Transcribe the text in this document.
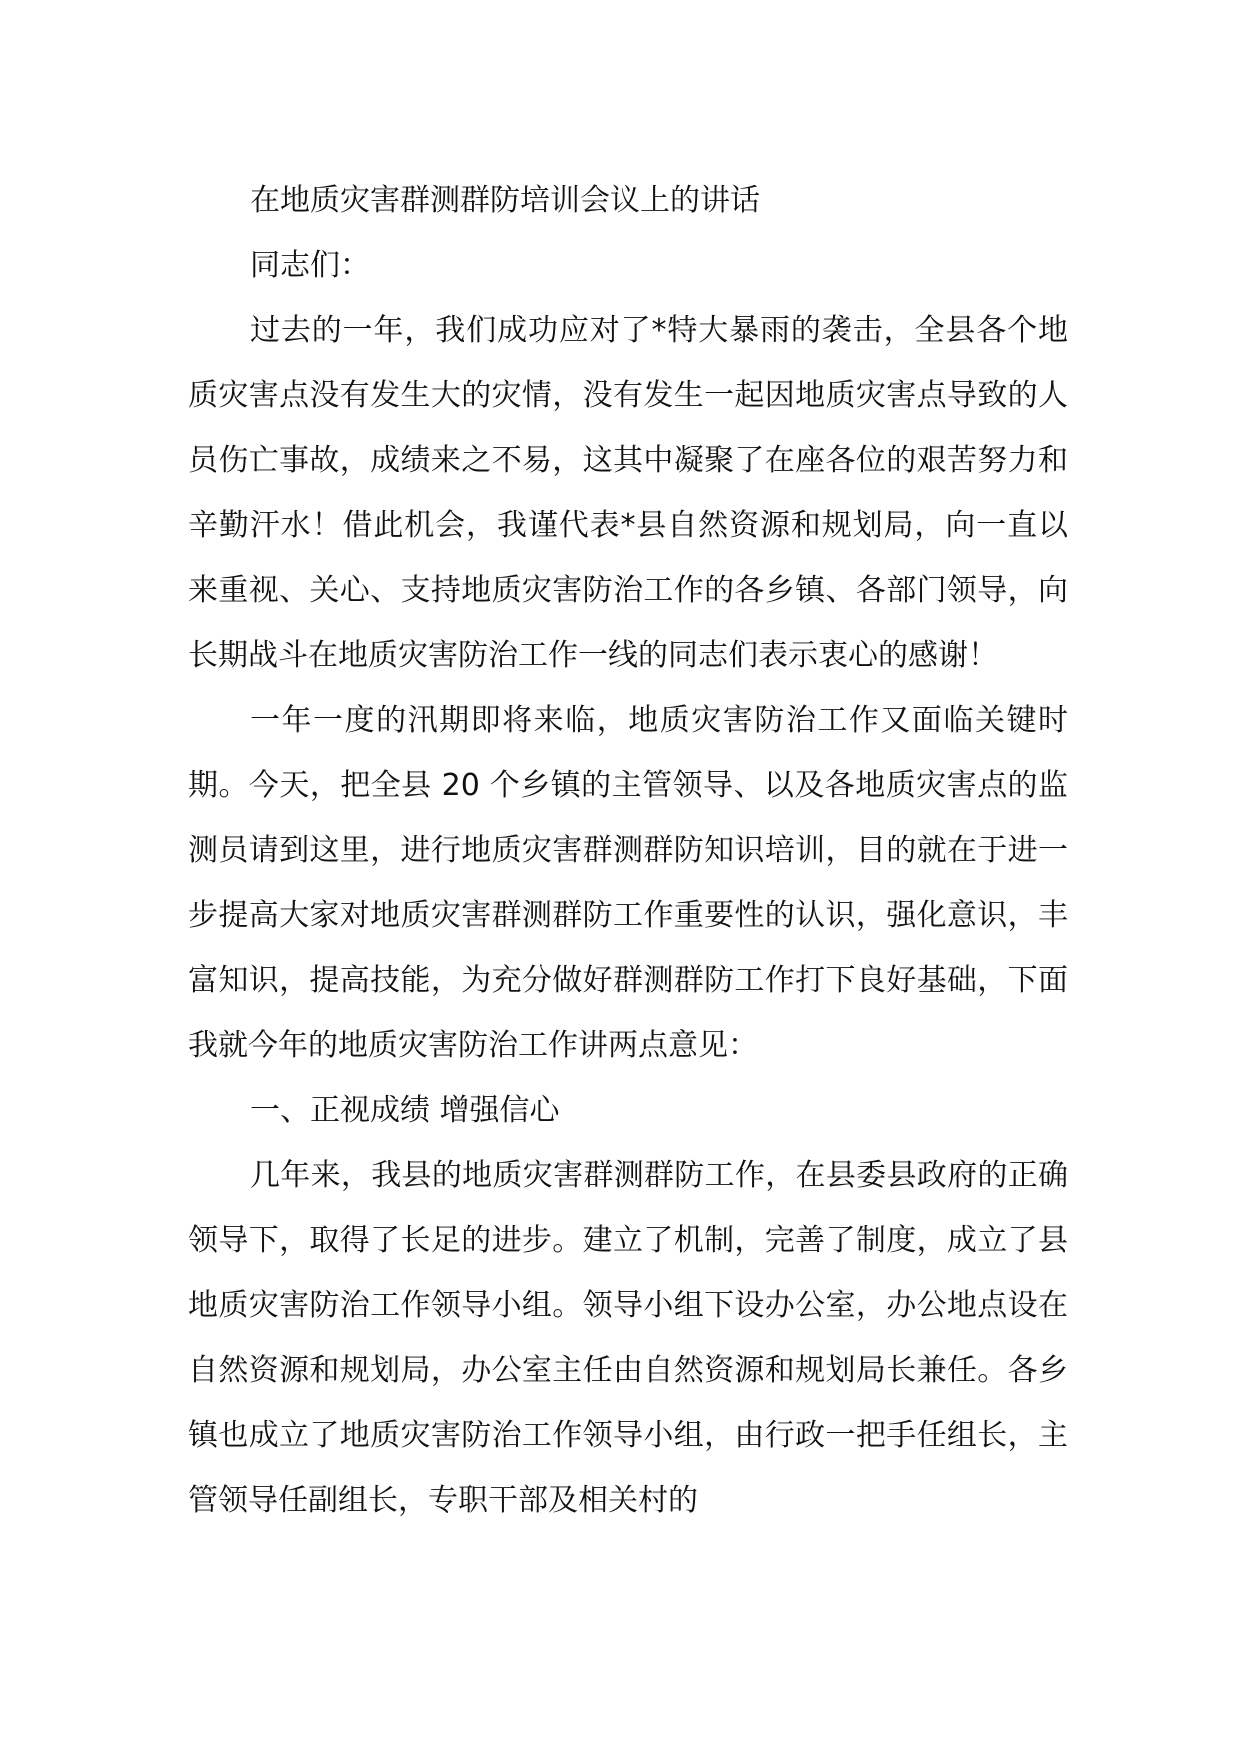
在地质灾害群测群防培训会议上的讲话

同志们：

过去的一年，我们成功应对了*特大暴雨的袭击，全县各个地质灾害点没有发生大的灾情，没有发生一起因地质灾害点导致的人员伤亡事故，成绩来之不易，这其中凝聚了在座各位的艰苦努力和辛勤汗水！借此机会，我谨代表*县自然资源和规划局，向一直以来重视、关心、支持地质灾害防治工作的各乡镇、各部门领导，向长期战斗在地质灾害防治工作一线的同志们表示衷心的感谢！

一年一度的汛期即将来临，地质灾害防治工作又面临关键时期。今天，把全县 20 个乡镇的主管领导、以及各地质灾害点的监测员请到这里，进行地质灾害群测群防知识培训，目的就在于进一步提高大家对地质灾害群测群防工作重要性的认识，强化意识，丰富知识，提高技能，为充分做好群测群防工作打下良好基础，下面我就今年的地质灾害防治工作讲两点意见：

一、正视成绩 增强信心

几年来，我县的地质灾害群测群防工作，在县委县政府的正确领导下，取得了长足的进步。建立了机制，完善了制度，成立了县地质灾害防治工作领导小组。领导小组下设办公室，办公地点设在自然资源和规划局，办公室主任由自然资源和规划局长兼任。各乡镇也成立了地质灾害防治工作领导小组，由行政一把手任组长，主管领导任副组长，专职干部及相关村的
